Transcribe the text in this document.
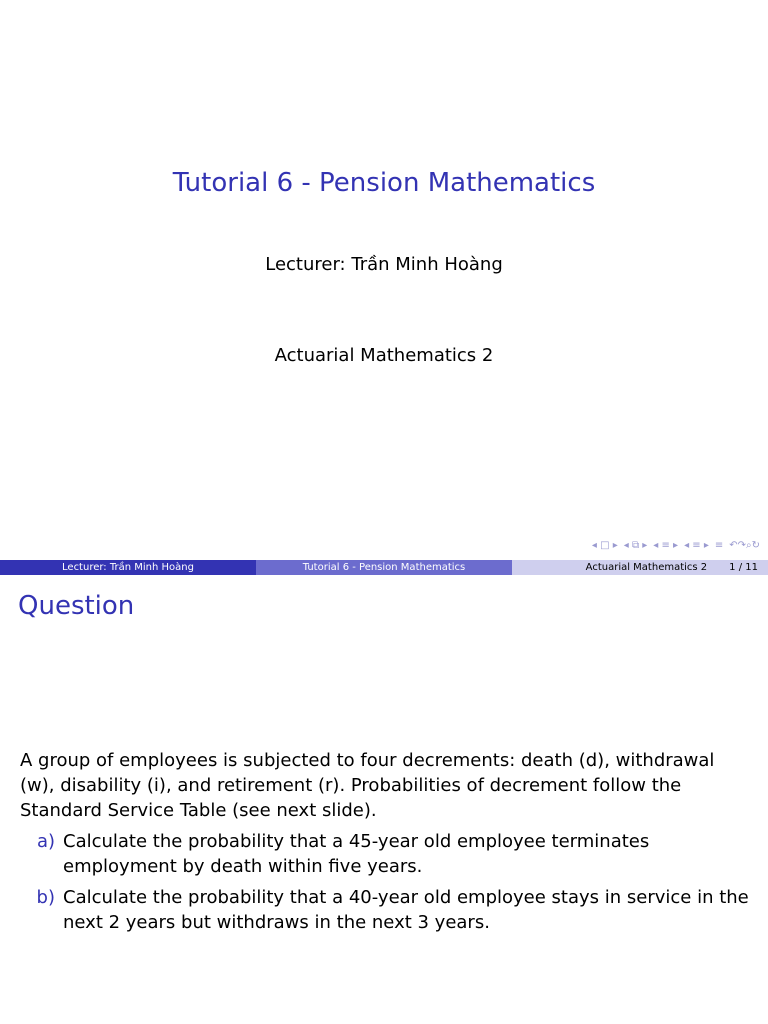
Tutorial 6 - Pension Mathematics
Lecturer: Trần Minh Hoàng
Actuarial Mathematics 2
◂ □ ▸ ◂ ⧉ ▸ ◂ ≡ ▸ ◂ ≡ ▸ ≡ ↶↷⌕↻
Lecturer: Trần Minh Hoàng	Tutorial 6 - Pension Mathematics	Actuarial Mathematics 2 1 / 11
Question

A group of employees is subjected to four decrements: death (d), withdrawal (w), disability (i), and retirement (r). Probabilities of decrement follow the Standard Service Table (see next slide).

a) Calculate the probability that a 45-year old employee terminates employment by death within five years.
b) Calculate the probability that a 40-year old employee stays in service in the next 2 years but withdraws in the next 3 years.
